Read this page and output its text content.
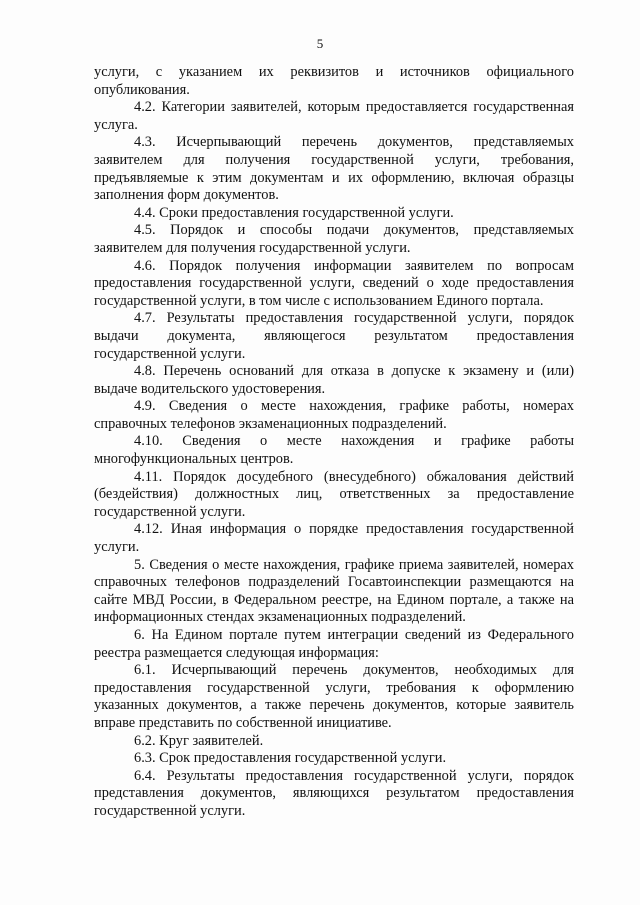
5

услуги, с указанием их реквизитов и источников официального опубликования.

4.2. Категории заявителей, которым предоставляется государственная услуга.

4.3. Исчерпывающий перечень документов, представляемых заявителем для получения государственной услуги, требования, предъявляемые к этим документам и их оформлению, включая образцы заполнения форм документов.

4.4. Сроки предоставления государственной услуги.

4.5. Порядок и способы подачи документов, представляемых заявителем для получения государственной услуги.

4.6. Порядок получения информации заявителем по вопросам предоставления государственной услуги, сведений о ходе предоставления государственной услуги, в том числе с использованием Единого портала.

4.7. Результаты предоставления государственной услуги, порядок выдачи документа, являющегося результатом предоставления государственной услуги.

4.8. Перечень оснований для отказа в допуске к экзамену и (или) выдаче водительского удостоверения.

4.9. Сведения о месте нахождения, графике работы, номерах справочных телефонов экзаменационных подразделений.

4.10. Сведения о месте нахождения и графике работы многофункциональных центров.

4.11. Порядок досудебного (внесудебного) обжалования действий (бездействия) должностных лиц, ответственных за предоставление государственной услуги.

4.12. Иная информация о порядке предоставления государственной услуги.

5. Сведения о месте нахождения, графике приема заявителей, номерах справочных телефонов подразделений Госавтоинспекции размещаются на сайте МВД России, в Федеральном реестре, на Едином портале, а также на информационных стендах экзаменационных подразделений.

6. На Едином портале путем интеграции сведений из Федерального реестра размещается следующая информация:

6.1. Исчерпывающий перечень документов, необходимых для предоставления государственной услуги, требования к оформлению указанных документов, а также перечень документов, которые заявитель вправе представить по собственной инициативе.

6.2. Круг заявителей.

6.3. Срок предоставления государственной услуги.

6.4. Результаты предоставления государственной услуги, порядок представления документов, являющихся результатом предоставления государственной услуги.
